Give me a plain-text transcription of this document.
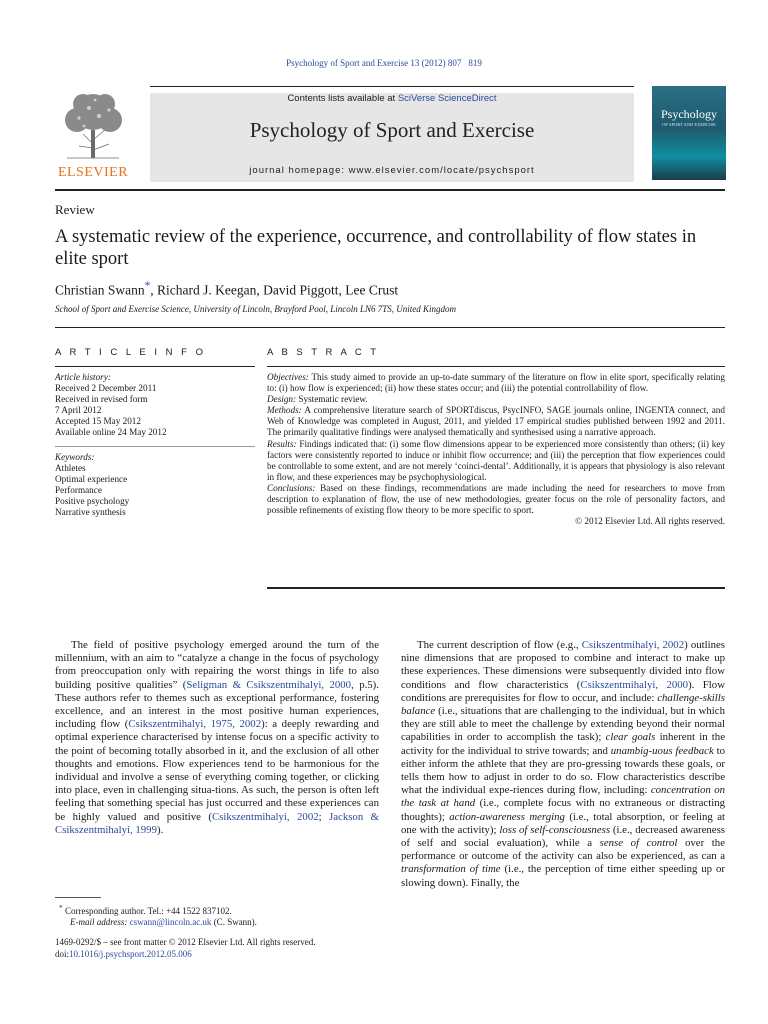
Psychology of Sport and Exercise 13 (2012) 807 819
ELSEVIER
Contents lists available at SciVerse ScienceDirect
Psychology of Sport and Exercise
journal homepage: www.elsevier.com/locate/psychsport
Psychology
OF SPORT AND EXERCISE
Review
A systematic review of the experience, occurrence, and controllability of flow states in elite sport
Christian Swann*, Richard J. Keegan, David Piggott, Lee Crust
School of Sport and Exercise Science, University of Lincoln, Brayford Pool, Lincoln LN6 7TS, United Kingdom
A R T I C L E I N F O
Article history:
Received 2 December 2011
Received in revised form
7 April 2012
Accepted 15 May 2012
Available online 24 May 2012
Keywords:
Athletes
Optimal experience
Performance
Positive psychology
Narrative synthesis
A B S T R A C T

Objectives: This study aimed to provide an up-to-date summary of the literature on flow in elite sport, specifically relating to: (i) how flow is experienced; (ii) how these states occur; and (iii) the potential controllability of flow.

Design: Systematic review.

Methods: A comprehensive literature search of SPORTdiscus, PsycINFO, SAGE journals online, INGENTA connect, and Web of Knowledge was completed in August, 2011, and yielded 17 empirical studies published between 1992 and 2011. The primarily qualitative findings were analysed thematically and synthesised using a narrative approach.

Results: Findings indicated that: (i) some flow dimensions appear to be experienced more consistently than others; (ii) key factors were consistently reported to induce or inhibit flow occurrence; and (iii) the perception that flow experiences could be controllable to some extent, and are not merely ‘coinci-dental’. Additionally, it is appears that physiology is also relevant in flow, and these experiences may be psychophysiological.

Conclusions: Based on these findings, recommendations are made including the need for researchers to move from description to explanation of flow, the use of new methodologies, greater focus on the role of personality factors, and possible refinements of existing flow theory to be more specific to sport.

© 2012 Elsevier Ltd. All rights reserved.

The field of positive psychology emerged around the turn of the millennium, with an aim to “catalyze a change in the focus of psychology from preoccupation only with repairing the worst things in life to also building positive qualities” (Seligman & Csikszentmihalyi, 2000, p.5). These authors refer to themes such as exceptional performance, fostering excellence, and an interest in the most positive human experiences, including flow (Csikszentmihalyi, 1975, 2002): a deeply rewarding and optimal experience characterised by intense focus on a specific activity to the point of becoming totally absorbed in it, and the exclusion of all other thoughts and emotions. Flow experiences tend to be harmonious for the individual and involve a sense of everything coming together, or clicking into place, even in challenging situa-tions. As such, the person is often left feeling that something special has just occurred and these experiences can be highly valued and positive (Csikszentmihalyi, 2002; Jackson & Csikszentmihalyi, 1999).

The current description of flow (e.g., Csikszentmihalyi, 2002) outlines nine dimensions that are proposed to combine and interact to make up these experiences. These dimensions were subsequently divided into flow conditions and flow characteristics (Csikszentmihalyi, 2000). Flow conditions are prerequisites for flow to occur, and include: challenge-skills balance (i.e., situations that are challenging to the individual, but in which they are still able to meet the challenge by extending beyond their normal capabilities in order to accomplish the task); clear goals inherent in the activity for the individual to strive towards; and unambig-uous feedback to either inform the athlete that they are pro-gressing towards these goals, or tells them how to adjust in order to do so. Flow characteristics describe what the individual expe-riences during flow, including: concentration on the task at hand (i.e., complete focus with no extraneous or distracting thoughts); action-awareness merging (i.e., total absorption, or feeling at one with the activity); loss of self-consciousness (i.e., decreased awareness of self and social evaluation), while a sense of control over the performance or outcome of the activity can also be experienced, as can a transformation of time (i.e., the perception of time either speeding up or slowing down). Finally, the

* Corresponding author. Tel.: +44 1522 837102.
E-mail address: cswann@lincoln.ac.uk (C. Swann).
1469-0292/$ – see front matter © 2012 Elsevier Ltd. All rights reserved.
doi:10.1016/j.psychsport.2012.05.006
